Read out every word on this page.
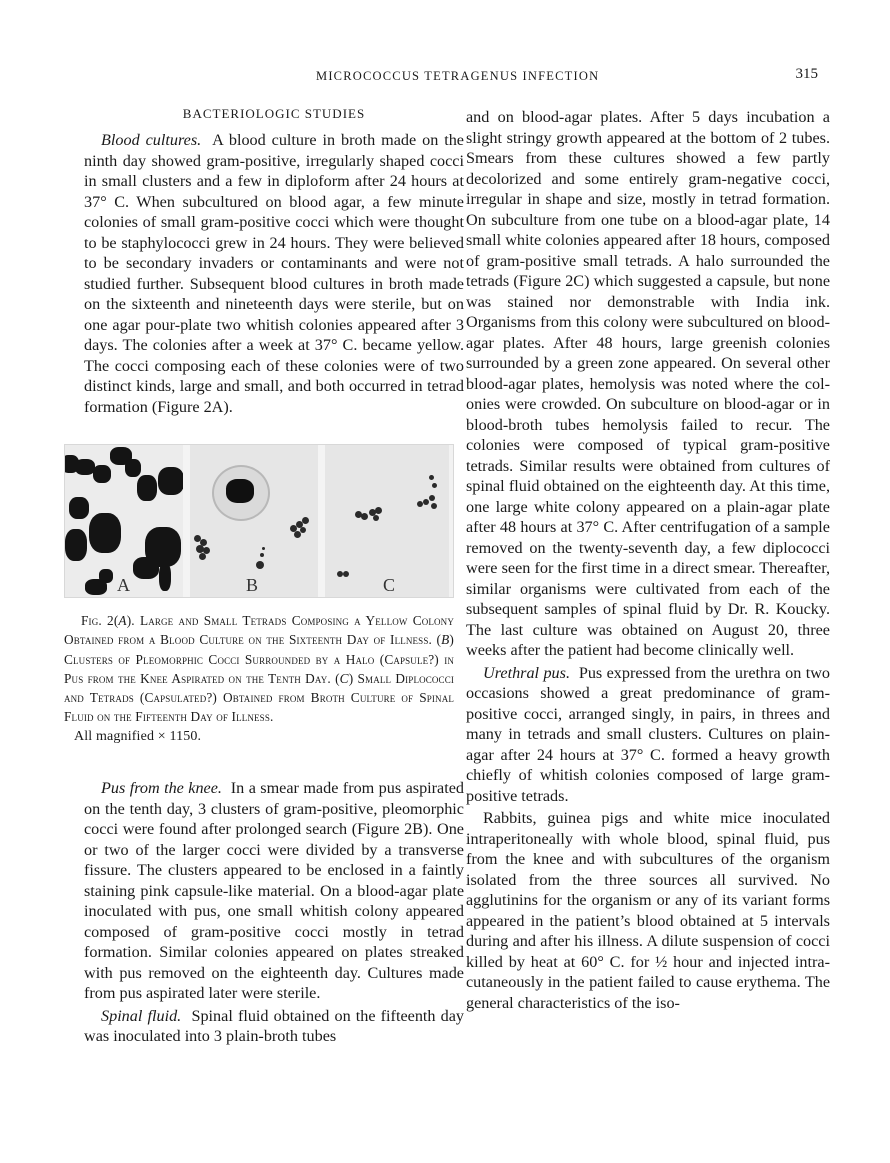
MICROCOCCUS TETRAGENUS INFECTION	315
BACTERIOLOGIC STUDIES

Blood cultures. A blood culture in broth made on the ninth day showed gram-positive, irregularly shaped cocci in small clusters and a few in diploform after 24 hours at 37° C. When subcultured on blood agar, a few minute colonies of small gram-positive cocci which were thought to be staphylococci grew in 24 hours. They were believed to be secondary invaders or contaminants and were not studied further. Subsequent blood cultures in broth made on the sixteenth and nineteenth days were sterile, but on one agar pour-plate two whitish colonies appeared after 3 days. The colonies after a week at 37° C. became yellow. The cocci composing each of these colonies were of two distinct kinds, large and small, and both occurred in tetrad formation (Figure 2A).

A	B	C
Fig. 2(A). Large and Small Tetrads Composing a Yellow Colony Obtained from a Blood Culture on the Sixteenth Day of Illness. (B) Clusters of Pleomorphic Cocci Surrounded by a Halo (Capsule?) in Pus from the Knee Aspirated on the Tenth Day. (C) Small Diplococci and Tetrads (Capsulated?) Obtained from Broth Culture of Spinal Fluid on the Fifteenth Day of Illness.
All magnified × 1150.

Pus from the knee. In a smear made from pus aspirated on the tenth day, 3 clusters of gram-positive, pleomorphic cocci were found after prolonged search (Figure 2B). One or two of the larger cocci were divided by a transverse fissure. The clusters appeared to be enclosed in a faintly staining pink capsule-like material. On a blood-agar plate inoculated with pus, one small whitish colony appeared composed of gram-positive cocci mostly in tetrad formation. Similar colonies appeared on plates streaked with pus removed on the eighteenth day. Cultures made from pus aspirated later were sterile.

Spinal fluid. Spinal fluid obtained on the fifteenth day was inoculated into 3 plain-broth tubes

and on blood-agar plates. After 5 days incubation a slight stringy growth appeared at the bottom of 2 tubes. Smears from these cultures showed a few partly decolorized and some entirely gram-negative cocci, irregular in shape and size, mostly in tetrad formation. On subculture from one tube on a blood-agar plate, 14 small white colonies appeared after 18 hours, composed of gram-positive small tetrads. A halo surrounded the tetrads (Figure 2C) which suggested a capsule, but none was stained nor demonstrable with India ink. Organisms from this colony were subcultured on blood-agar plates. After 48 hours, large greenish colonies surrounded by a green zone appeared. On several other blood-agar plates, hemolysis was noted where the colonies were crowded. On subculture on blood-agar or in blood-broth tubes hemolysis failed to recur. The colonies were composed of typical gram-positive tetrads. Similar results were obtained from cultures of spinal fluid obtained on the eighteenth day. At this time, one large white colony appeared on a plain-agar plate after 48 hours at 37° C. After centrifugation of a sample removed on the twenty-seventh day, a few diplococci were seen for the first time in a direct smear. Thereafter, similar organisms were cultivated from each of the subsequent samples of spinal fluid by Dr. R. Koucky. The last culture was obtained on August 20, three weeks after the patient had become clinically well.

Urethral pus. Pus expressed from the urethra on two occasions showed a great predominance of gram-positive cocci, arranged singly, in pairs, in threes and many in tetrads and small clusters. Cultures on plain-agar after 24 hours at 37° C. formed a heavy growth chiefly of whitish colonies composed of large gram-positive tetrads.

Rabbits, guinea pigs and white mice inoculated intraperitoneally with whole blood, spinal fluid, pus from the knee and with subcultures of the organism isolated from the three sources all survived. No agglutinins for the organism or any of its variant forms appeared in the patient’s blood obtained at 5 intervals during and after his illness. A dilute suspension of cocci killed by heat at 60° C. for ½ hour and injected intracutaneously in the patient failed to cause erythema. The general characteristics of the iso-
